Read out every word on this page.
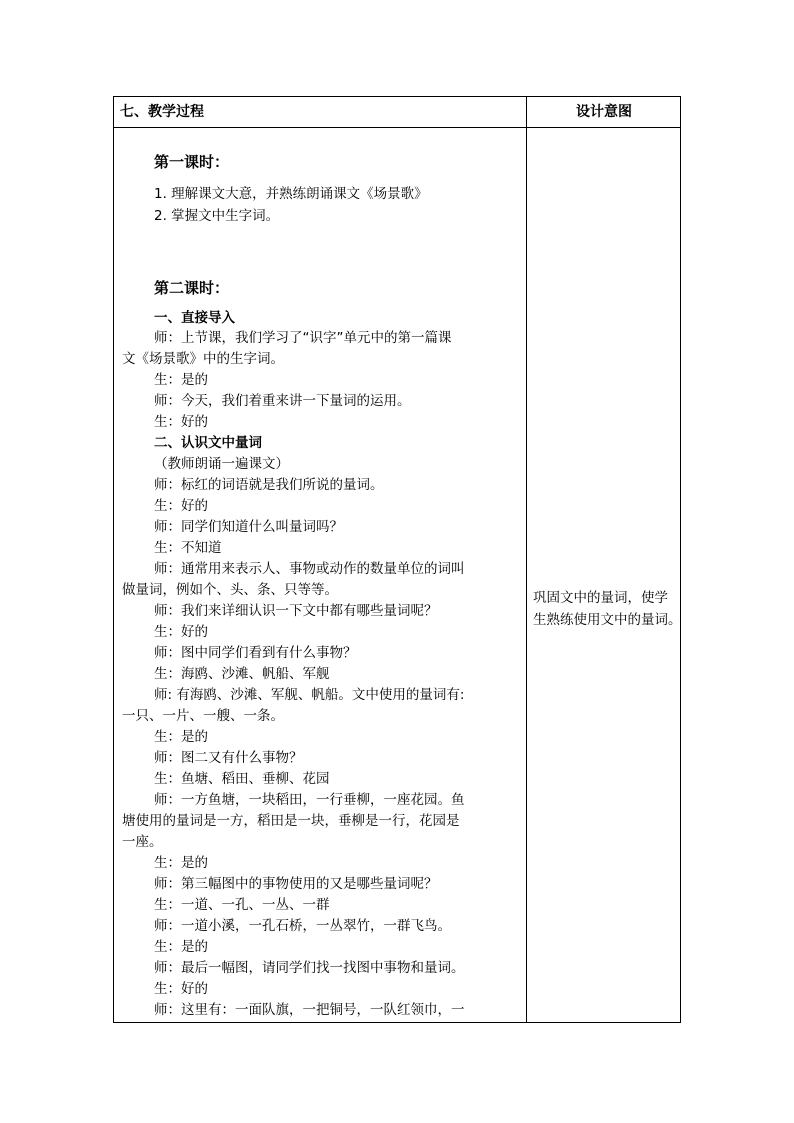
七、教学过程	设计意图
第一课时：
1. 理解课文大意，并熟练朗诵课文《场景歌》
2. 掌握文中生字词。
第二课时：
一、直接导入
师：上节课，我们学习了“识字”单元中的第一篇课
文《场景歌》中的生字词。
生：是的
师：今天，我们着重来讲一下量词的运用。
生：好的
二、认识文中量词
（教师朗诵一遍课文）
师：标红的词语就是我们所说的量词。
生：好的
师：同学们知道什么叫量词吗？
生：不知道
师：通常用来表示人、事物或动作的数量单位的词叫
做量词，例如个、头、条、只等等。
师：我们来详细认识一下文中都有哪些量词呢？
生：好的
师：图中同学们看到有什么事物？
生：海鸥、沙滩、帆船、军舰
师: 有海鸥、沙滩、军舰、帆船。文中使用的量词有:
一只、一片、一艘、一条。
生：是的
师：图二又有什么事物？
生：鱼塘、稻田、垂柳、花园
师：一方鱼塘，一块稻田，一行垂柳，一座花园。鱼
塘使用的量词是一方，稻田是一块，垂柳是一行，花园是
一座。
生：是的
师：第三幅图中的事物使用的又是哪些量词呢？
生：一道、一孔、一丛、一群
师：一道小溪，一孔石桥，一丛翠竹，一群飞鸟。
生：是的
师：最后一幅图，请同学们找一找图中事物和量词。
生：好的
师：这里有：一面队旗，一把铜号，一队红领巾，一
巩固文中的量词，使学
生熟练使用文中的量词。
